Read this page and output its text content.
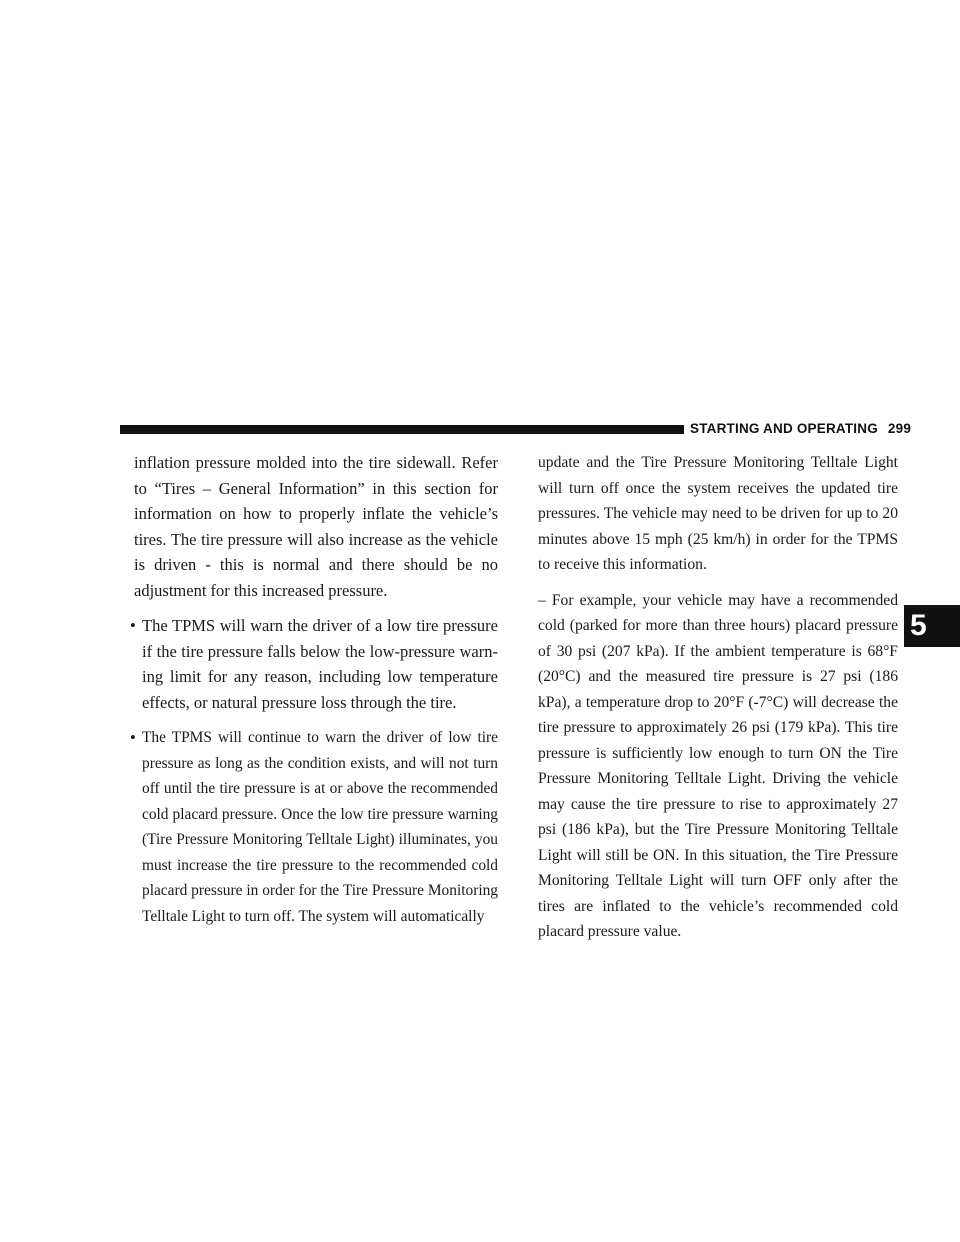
STARTING AND OPERATING 299
5

inflation pressure molded into the tire sidewall. Refer to “Tires – General Information” in this section for information on how to properly inflate the vehicle’s tires. The tire pressure will also increase as the vehicle is driven - this is normal and there should be no adjustment for this increased pressure.

• The TPMS will warn the driver of a low tire pressure if the tire pressure falls below the low-pressure warn-ing limit for any reason, including low temperature effects, or natural pressure loss through the tire.
• The TPMS will continue to warn the driver of low tire pressure as long as the condition exists, and will not turn off until the tire pressure is at or above the recommended cold placard pressure. Once the low tire pressure warning (Tire Pressure Monitoring Telltale Light) illuminates, you must increase the tire pressure to the recommended cold placard pressure in order for the Tire Pressure Monitoring Telltale Light to turn off. The system will automatically

update and the Tire Pressure Monitoring Telltale Light will turn off once the system receives the updated tire pressures. The vehicle may need to be driven for up to 20 minutes above 15 mph (25 km/h) in order for the TPMS to receive this information.

– For example, your vehicle may have a recommended cold (parked for more than three hours) placard pressure of 30 psi (207 kPa). If the ambient temperature is 68°F (20°C) and the measured tire pressure is 27 psi (186 kPa), a temperature drop to 20°F (-7°C) will decrease the tire pressure to approximately 26 psi (179 kPa). This tire pressure is sufficiently low enough to turn ON the Tire Pressure Monitoring Telltale Light. Driving the vehicle may cause the tire pressure to rise to approximately 27 psi (186 kPa), but the Tire Pressure Monitoring Telltale Light will still be ON. In this situation, the Tire Pressure Monitoring Telltale Light will turn OFF only after the tires are inflated to the vehicle’s recommended cold placard pressure value.
